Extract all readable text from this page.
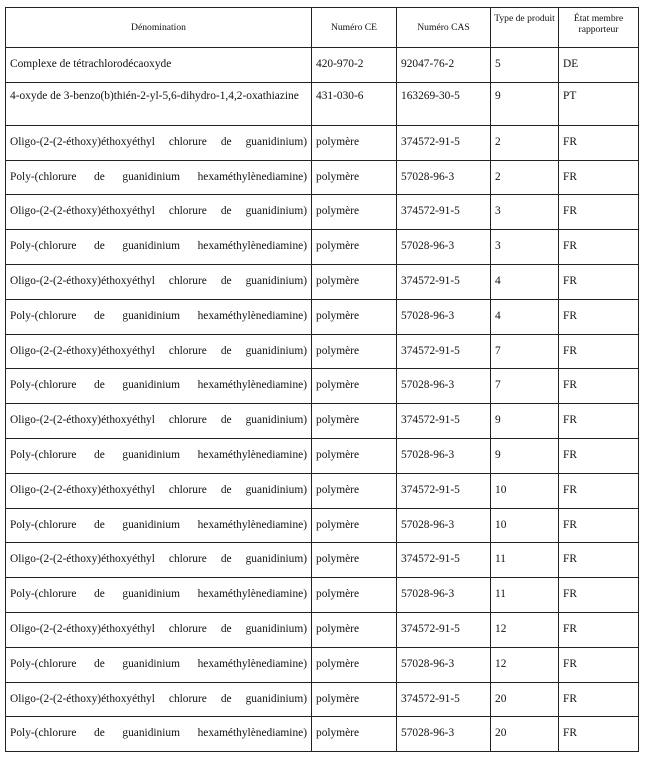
Dénomination	Numéro CE	Numéro CAS	Type de produit	État membre rapporteur
Complexe de tétrachlorodécaoxyde	420-970-2	92047-76-2	5	DE
4-oxyde de 3-benzo(b)thién-2-yl-5,6-dihydro-1,4,2-oxathiazine	431-030-6	163269-30-5	9	PT
Oligo-(2-(2-éthoxy)éthoxyéthyl chlorure de guanidinium)	polymère	374572-91-5	2	FR
Poly-(chlorure de guanidinium hexaméthylènediamine)	polymère	57028-96-3	2	FR
Oligo-(2-(2-éthoxy)éthoxyéthyl chlorure de guanidinium)	polymère	374572-91-5	3	FR
Poly-(chlorure de guanidinium hexaméthylènediamine)	polymère	57028-96-3	3	FR
Oligo-(2-(2-éthoxy)éthoxyéthyl chlorure de guanidinium)	polymère	374572-91-5	4	FR
Poly-(chlorure de guanidinium hexaméthylènediamine)	polymère	57028-96-3	4	FR
Oligo-(2-(2-éthoxy)éthoxyéthyl chlorure de guanidinium)	polymère	374572-91-5	7	FR
Poly-(chlorure de guanidinium hexaméthylènediamine)	polymère	57028-96-3	7	FR
Oligo-(2-(2-éthoxy)éthoxyéthyl chlorure de guanidinium)	polymère	374572-91-5	9	FR
Poly-(chlorure de guanidinium hexaméthylènediamine)	polymère	57028-96-3	9	FR
Oligo-(2-(2-éthoxy)éthoxyéthyl chlorure de guanidinium)	polymère	374572-91-5	10	FR
Poly-(chlorure de guanidinium hexaméthylènediamine)	polymère	57028-96-3	10	FR
Oligo-(2-(2-éthoxy)éthoxyéthyl chlorure de guanidinium)	polymère	374572-91-5	11	FR
Poly-(chlorure de guanidinium hexaméthylènediamine)	polymère	57028-96-3	11	FR
Oligo-(2-(2-éthoxy)éthoxyéthyl chlorure de guanidinium)	polymère	374572-91-5	12	FR
Poly-(chlorure de guanidinium hexaméthylènediamine)	polymère	57028-96-3	12	FR
Oligo-(2-(2-éthoxy)éthoxyéthyl chlorure de guanidinium)	polymère	374572-91-5	20	FR
Poly-(chlorure de guanidinium hexaméthylènediamine)	polymère	57028-96-3	20	FR
